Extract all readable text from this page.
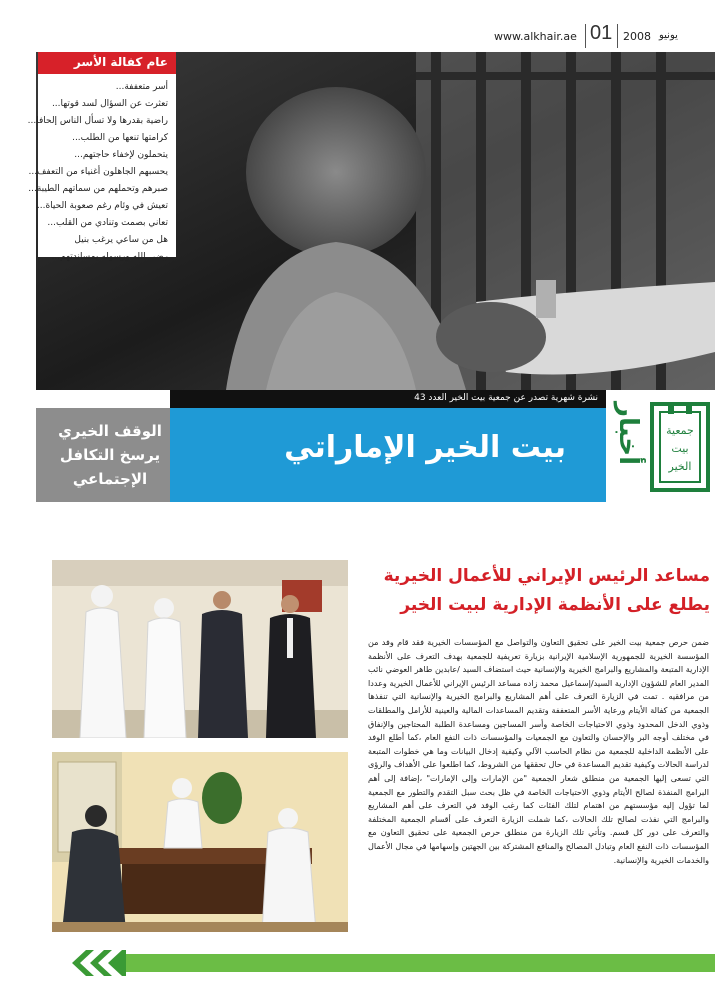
www.alkhair.ae 01 2008 يونيو
عام كفالة الأسر
أسر متعففة...
تعثرت عن السؤال لسد قوتها...
راضية بقدرها ولا تسأل الناس إلحافا...
كرامتها تنعها من الطلب...
يتحملون لإخفاء حاجتهم...
يحسبهم الجاهلون أغنياء من التعفف...
صبرهم وتحملهم من سماتهم الطيبة...
تعيش في وئام رغم صعوبة الحياة...
تعاني بصمت وتنادي من القلب...
هل من ساعي يرغب بنيل
رضى الله ورسوله بمساندتهم...
نشرة شهرية تصدر عن جمعية بيت الخير العدد 43
بيت الخير الإماراتي
الوقف الخيري
يرسخ التكافل
الإجتماعي
أخبار جمعية
بيت
الخير
مساعد الرئيس الإيراني للأعمال الخيرية
يطلع على الأنظمة الإدارية لبيت الخير
ضمن حرص جمعية بيت الخير على تحقيق التعاون والتواصل مع المؤسسات الخيرية فقد قام وفد من المؤسسة الخيرية للجمهورية الإسلامية الإيرانية بزيارة تعريفية للجمعية بهدف التعرف على الأنظمة الإدارية المتبعة والمشاريع والبرامج الخيرية والإنسانية حيث استضاف السيد /عابدين طاهر العوضي نائب المدير العام للشؤون الإدارية السيد/إسماعيل محمد زاده مساعد الرئيس الإيراني للأعمال الخيرية وعددا من مرافقيه . تمت في الزيارة التعرف على أهم المشاريع والبرامج الخيرية والإنسانية التي تنفذها الجمعية من كفالة الأيتام ورعاية الأسر المتعففة وتقديم المساعدات المالية والعينية للأرامل والمطلقات وذوي الدخل المحدود وذوي الاحتياجات الخاصة وأسر المساجين ومساعدة الطلبة المحتاجين والإنفاق في مختلف أوجه البر والإحسان والتعاون مع الجمعيات والمؤسسات ذات النفع العام ،كما أطلع الوفد على الأنظمة الداخلية للجمعية من نظام الحاسب الآلي وكيفية إدخال البيانات وما هي خطوات المتبعة لدراسة الحالات وكيفية تقديم المساعدة في حال تحققها من الشروط، كما اطلعوا على الأهداف والرؤى التي تسعى إليها الجمعية من منطلق شعار الجمعية "من الإمارات وإلى الإمارات" ،إضافة إلى أهم البرامج المنفذة لصالح الأيتام وذوي الاحتياجات الخاصة في ظل بحث سبل التقدم والتطور مع الجمعية لما تؤول إليه مؤسستهم من اهتمام لتلك الفئات كما رغب الوفد في التعرف على أهم المشاريع والبرامج التي نفذت لصالح تلك الحالات ،كما شملت الزيارة التعرف على أقسام الجمعية المختلفة والتعرف على دور كل قسم. وتأتي تلك الزيارة من منطلق حرص الجمعية على تحقيق التعاون مع المؤسسات ذات النفع العام وتبادل المصالح والمنافع المشتركة بين الجهتين وإسهامها في مجال الأعمال والخدمات الخيرية والإنسانية.
